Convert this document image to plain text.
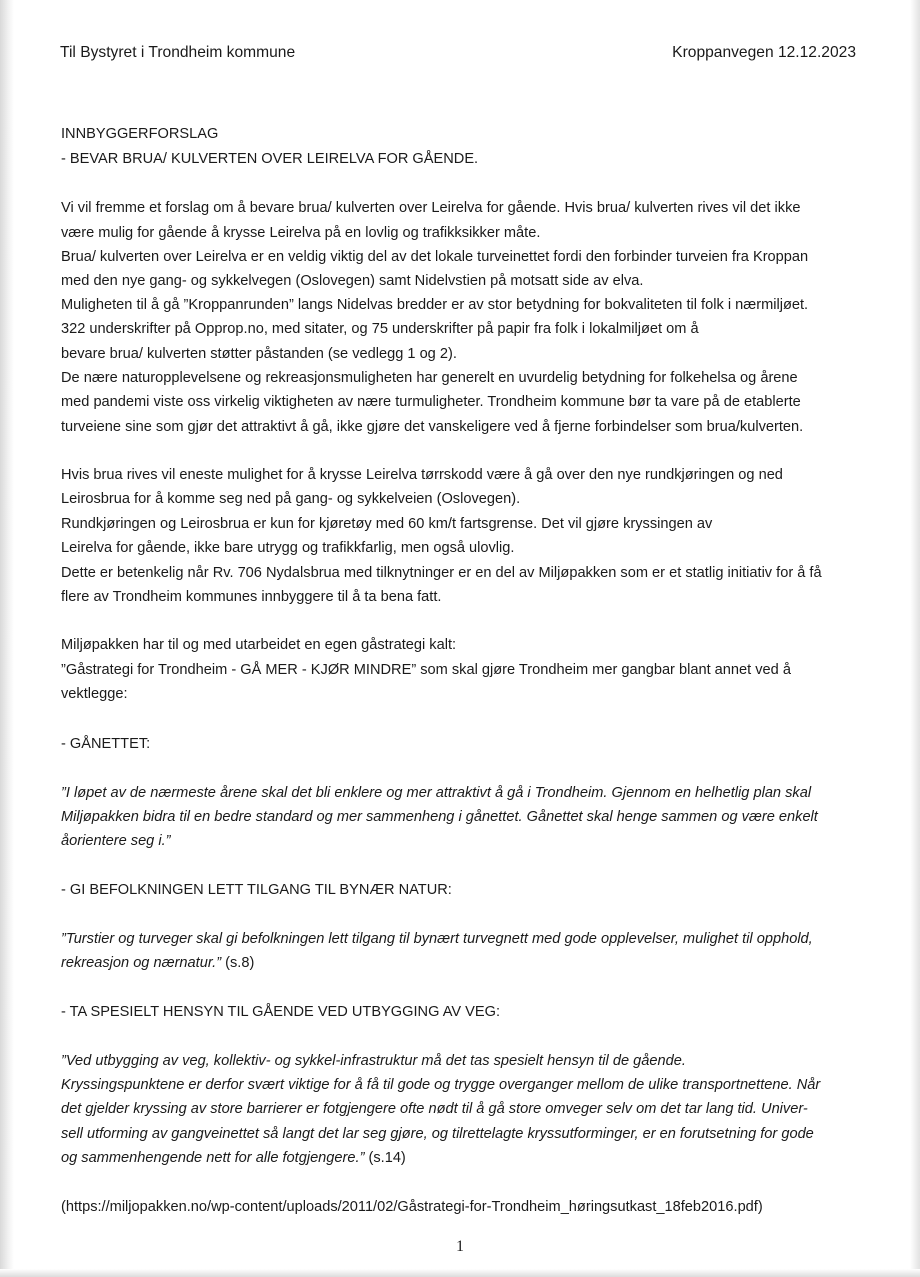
Til Bystyret i Trondheim kommune	Kroppanvegen 12.12.2023
INNBYGGERFORSLAG
- BEVAR BRUA/ KULVERTEN OVER LEIRELVA FOR GÅENDE.
Vi vil fremme et forslag om å bevare brua/ kulverten over Leirelva for gående. Hvis brua/ kulverten rives vil det ikke
være mulig for gående å krysse Leirelva på en lovlig og trafikksikker måte.
Brua/ kulverten over Leirelva er en veldig viktig del av det lokale turveinettet fordi den forbinder turveien fra Kroppan
med den nye gang- og sykkelvegen (Oslovegen) samt Nidelvstien på motsatt side av elva.
Muligheten til å gå ”Kroppanrunden” langs Nidelvas bredder er av stor betydning for bokvaliteten til folk i nærmiljøet.
322 underskrifter på Opprop.no, med sitater, og 75 underskrifter på papir fra folk i lokalmiljøet om å
bevare brua/ kulverten støtter påstanden (se vedlegg 1 og 2).
De nære naturopplevelsene og rekreasjonsmuligheten har generelt en uvurdelig betydning for folkehelsa og årene
med pandemi viste oss virkelig viktigheten av nære turmuligheter. Trondheim kommune bør ta vare på de etablerte
turveiene sine som gjør det attraktivt å gå, ikke gjøre det vanskeligere ved å fjerne forbindelser som brua/kulverten.
Hvis brua rives vil eneste mulighet for å krysse Leirelva tørrskodd være å gå over den nye rundkjøringen og ned
Leirosbrua for å komme seg ned på gang- og sykkelveien (Oslovegen).
Rundkjøringen og Leirosbrua er kun for kjøretøy med 60 km/t fartsgrense. Det vil gjøre kryssingen av
Leirelva for gående, ikke bare utrygg og trafikkfarlig, men også ulovlig.
Dette er betenkelig når Rv. 706 Nydalsbrua med tilknytninger er en del av Miljøpakken som er et statlig initiativ for å få
flere av Trondheim kommunes innbyggere til å ta bena fatt.
Miljøpakken har til og med utarbeidet en egen gåstrategi kalt:
”Gåstrategi for Trondheim - GÅ MER - KJØR MINDRE” som skal gjøre Trondheim mer gangbar blant annet ved å
vektlegge:
- GÅNETTET:
”I løpet av de nærmeste årene skal det bli enklere og mer attraktivt å gå i Trondheim. Gjennom en helhetlig plan skal
Miljøpakken bidra til en bedre standard og mer sammenheng i gånettet. Gånettet skal henge sammen og være enkelt
åorientere seg i.”
- GI BEFOLKNINGEN LETT TILGANG TIL BYNÆR NATUR:
”Turstier og turveger skal gi befolkningen lett tilgang til bynært turvegnett med gode opplevelser, mulighet til opphold,
rekreasjon og nærnatur.” (s.8)
- TA SPESIELT HENSYN TIL GÅENDE VED UTBYGGING AV VEG:
”Ved utbygging av veg, kollektiv- og sykkel-infrastruktur må det tas spesielt hensyn til de gående.
Kryssingspunktene er derfor svært viktige for å få til gode og trygge overganger mellom de ulike transportnettene. Når
det gjelder kryssing av store barrierer er fotgjengere ofte nødt til å gå store omveger selv om det tar lang tid. Univer-
sell utforming av gangveinettet så langt det lar seg gjøre, og tilrettelagte kryssutforminger, er en forutsetning for gode
og sammenhengende nett for alle fotgjengere.” (s.14)
(https://miljopakken.no/wp-content/uploads/2011/02/Gåstrategi-for-Trondheim_høringsutkast_18feb2016.pdf)
1
